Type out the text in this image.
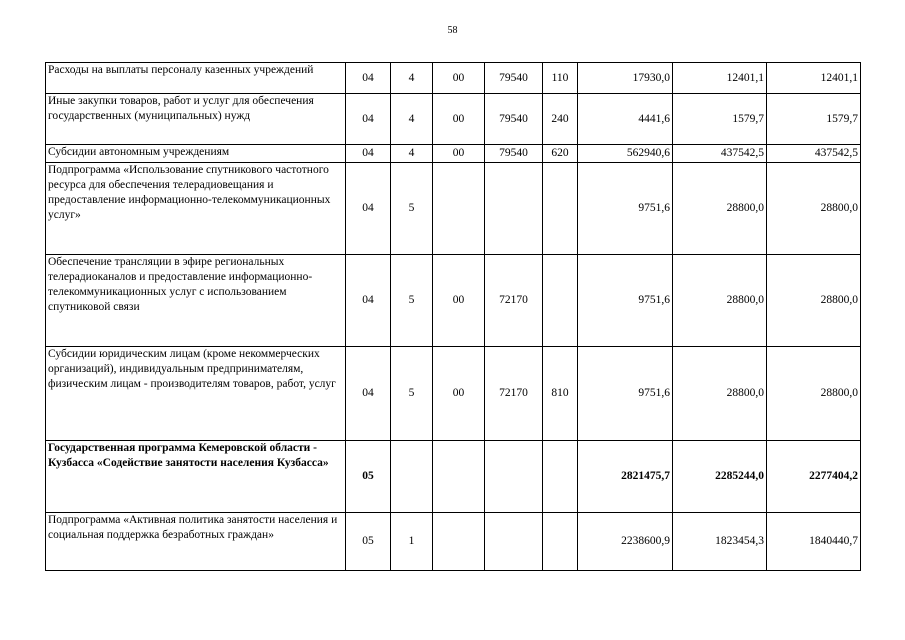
58
Расходы на выплаты персоналу казенных учреждений	04	4	00	79540	110	17930,0	12401,1	12401,1
Иные закупки товаров, работ и услуг для обеспечения государственных (муниципальных) нужд	04	4	00	79540	240	4441,6	1579,7	1579,7
Субсидии автономным учреждениям	04	4	00	79540	620	562940,6	437542,5	437542,5
Подпрограмма «Использование спутникового частотного ресурса для обеспечения телерадиовещания и предоставление информационно-телекоммуникационных услуг»	04	5				9751,6	28800,0	28800,0
Обеспечение трансляции в эфире региональных телерадиоканалов и предоставление информационно-телекоммуникационных услуг с использованием спутниковой связи	04	5	00	72170		9751,6	28800,0	28800,0
Субсидии юридическим лицам (кроме некоммерческих организаций), индивидуальным предпринимателям, физическим лицам - производителям товаров, работ, услуг	04	5	00	72170	810	9751,6	28800,0	28800,0
Государственная программа Кемеровской области - Кузбасса «Содействие занятости населения Кузбасса»	05					2821475,7	2285244,0	2277404,2
Подпрограмма «Активная политика занятости населения и социальная поддержка безработных граждан»	05	1				2238600,9	1823454,3	1840440,7
